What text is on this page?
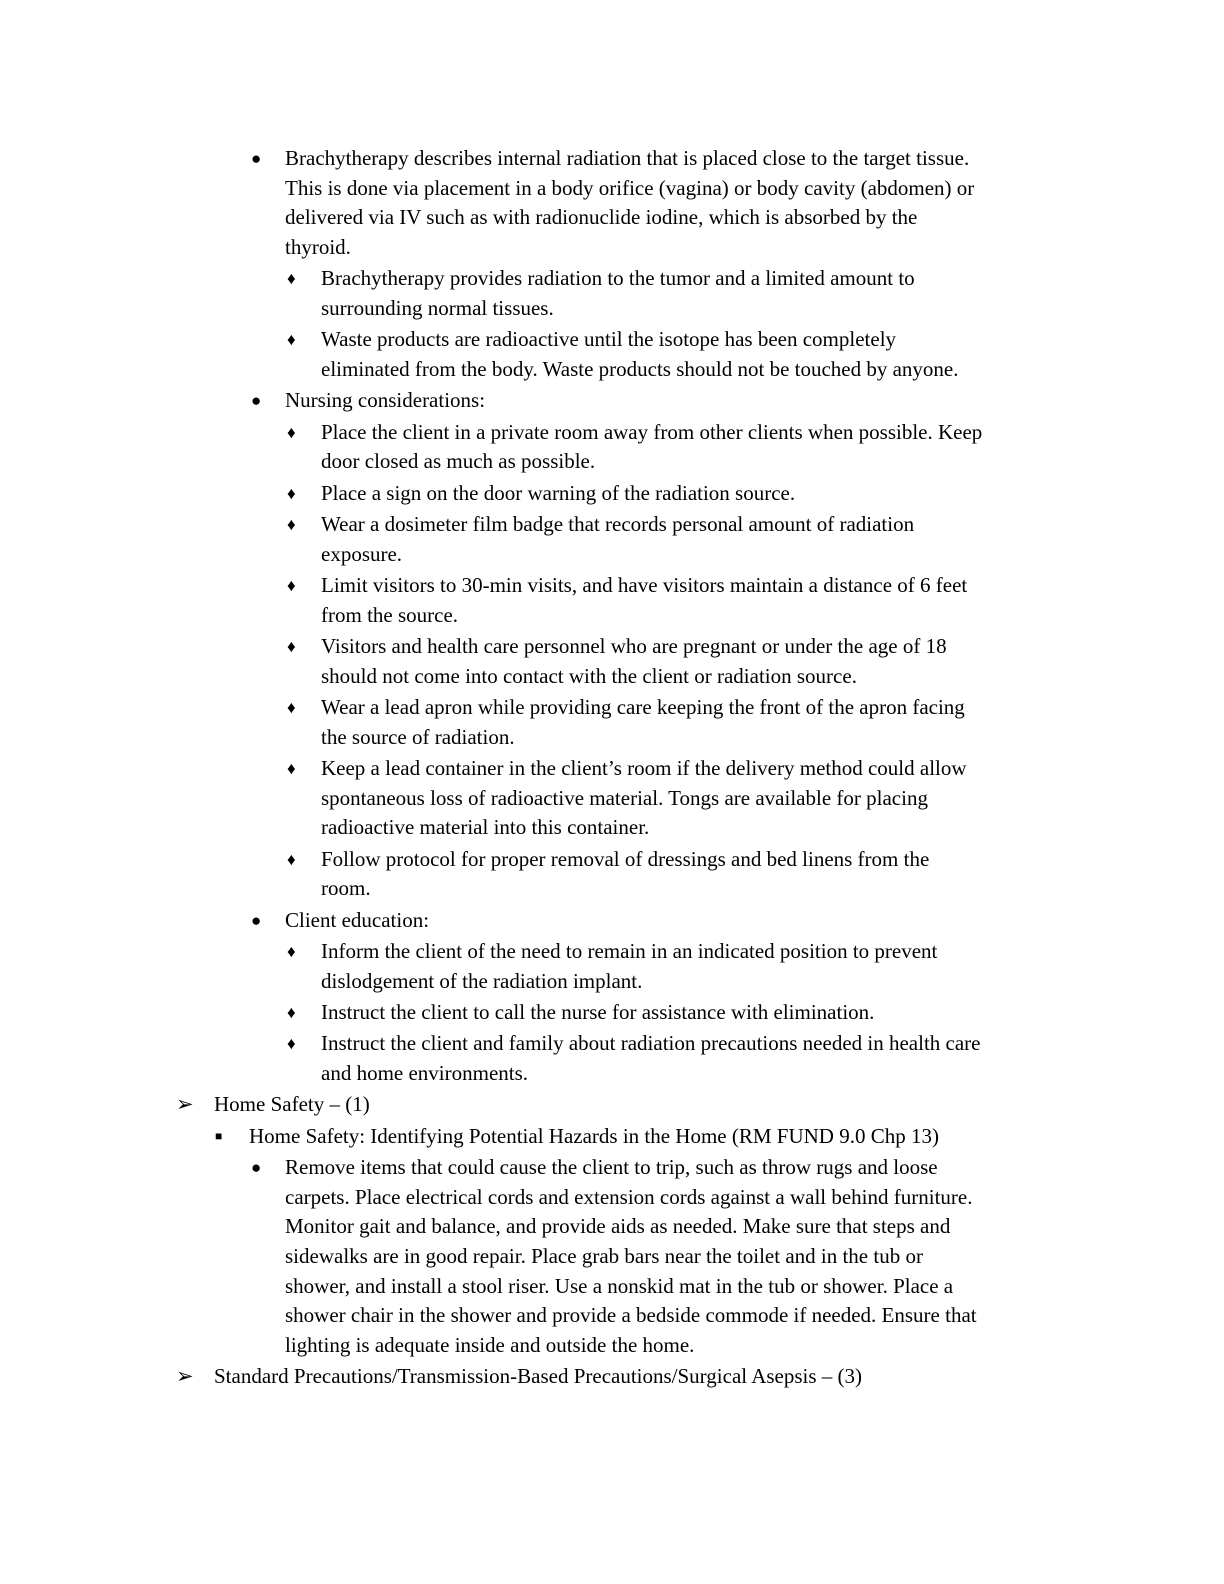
● Brachytherapy describes internal radiation that is placed close to the target tissue.
This is done via placement in a body orifice (vagina) or body cavity (abdomen) or
delivered via IV such as with radionuclide iodine, which is absorbed by the
thyroid.
♦ Brachytherapy provides radiation to the tumor and a limited amount to
surrounding normal tissues.
♦ Waste products are radioactive until the isotope has been completely
eliminated from the body. Waste products should not be touched by anyone.
● Nursing considerations:
♦ Place the client in a private room away from other clients when possible. Keep
door closed as much as possible.
♦ Place a sign on the door warning of the radiation source.
♦ Wear a dosimeter film badge that records personal amount of radiation
exposure.
♦ Limit visitors to 30-min visits, and have visitors maintain a distance of 6 feet
from the source.
♦ Visitors and health care personnel who are pregnant or under the age of 18
should not come into contact with the client or radiation source.
♦ Wear a lead apron while providing care keeping the front of the apron facing
the source of radiation.
♦ Keep a lead container in the client’s room if the delivery method could allow
spontaneous loss of radioactive material. Tongs are available for placing
radioactive material into this container.
♦ Follow protocol for proper removal of dressings and bed linens from the
room.
● Client education:
♦ Inform the client of the need to remain in an indicated position to prevent
dislodgement of the radiation implant.
♦ Instruct the client to call the nurse for assistance with elimination.
♦ Instruct the client and family about radiation precautions needed in health care
and home environments.
➢ Home Safety – (1)
■ Home Safety: Identifying Potential Hazards in the Home (RM FUND 9.0 Chp 13)
● Remove items that could cause the client to trip, such as throw rugs and loose
carpets. Place electrical cords and extension cords against a wall behind furniture.
Monitor gait and balance, and provide aids as needed. Make sure that steps and
sidewalks are in good repair. Place grab bars near the toilet and in the tub or
shower, and install a stool riser. Use a nonskid mat in the tub or shower. Place a
shower chair in the shower and provide a bedside commode if needed. Ensure that
lighting is adequate inside and outside the home.
➢ Standard Precautions/Transmission-Based Precautions/Surgical Asepsis – (3)
